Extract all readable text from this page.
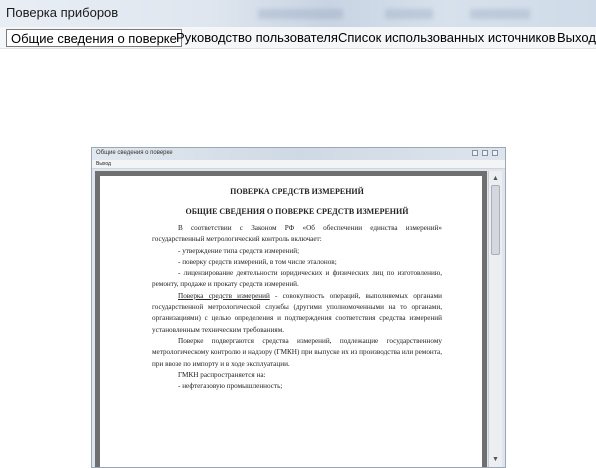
Поверка приборов
Общие сведения о поверке Руководство пользователя Список использованных источников Выход
Общие сведения о поверке
Выход
ПОВЕРКА СРЕДСТВ ИЗМЕРЕНИЙ
ОБЩИЕ СВЕДЕНИЯ О ПОВЕРКЕ СРЕДСТВ ИЗМЕРЕНИЙ

В соответствии с Законом РФ «Об обеспечении единства измерений» государственный метрологический контроль включает:

- утверждение типа средств измерений;

- поверку средств измерений, в том числе эталонов;

- лицензирование деятельности юридических и физических лиц по изготовлению, ремонту, продаже и прокату средств измерений.

Поверка средств измерений - совокупность операций, выполняемых органами государственной метрологической службы (другими уполномоченными на то органами, организациями) с целью определения и подтверждения соответствия средства измерений установленным техническим требованиям.

Поверке подвергаются средства измерений, подлежащие государственному метрологическому контролю и надзору (ГМКН) при выпуске их из производства или ремонта, при ввозе по импорту и в ходе эксплуатации.

ГМКН распространяется на:

- нефтегазовую промышленность;

▲
▼
